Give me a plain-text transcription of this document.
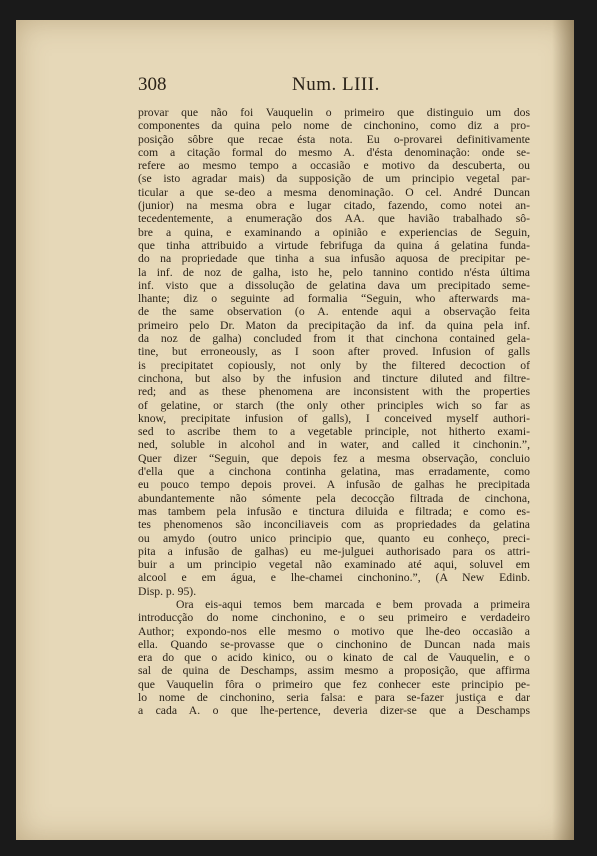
308	Num. LIII.
provar que não foi Vauquelin o primeiro que distinguio um dos
componentes da quina pelo nome de cinchonino, como diz a pro-
posição sôbre que recae ésta nota. Eu o-provarei definitivamente
com a citação formal do mesmo A. d'ésta denominação: onde se-
refere ao mesmo tempo a occasião e motivo da descuberta, ou
(se isto agradar mais) da supposição de um principio vegetal par-
ticular a que se-deo a mesma denominação. O cel. André Duncan
(junior) na mesma obra e lugar citado, fazendo, como notei an-
tecedentemente, a enumeração dos AA. que havião trabalhado sô-
bre a quina, e examinando a opinião e experiencias de Seguin,
que tinha attribuido a virtude febrifuga da quina á gelatina funda-
do na propriedade que tinha a sua infusão aquosa de precipitar pe-
la inf. de noz de galha, isto he, pelo tannino contido n'ésta última
inf. visto que a dissolução de gelatina dava um precipitado seme-
lhante; diz o seguinte ad formalia “Seguin, who afterwards ma-
de the same observation (o A. entende aqui a observação feita
primeiro pelo Dr. Maton da precipitação da inf. da quina pela inf.
da noz de galha) concluded from it that cinchona contained gela-
tine, but erroneously, as I soon after proved. Infusion of galls
is precipitatet copiously, not only by the filtered decoction of
cinchona, but also by the infusion and tincture diluted and filtre-
red; and as these phenomena are inconsistent with the properties
of gelatine, or starch (the only other principles wich so far as
know, precipitate infusion of galls), I conceived myself authori-
sed to ascribe them to a vegetable principle, not hitherto exami-
ned, soluble in alcohol and in water, and called it cinchonin.”,
Quer dizer “Seguin, que depois fez a mesma observação, concluio
d'ella que a cinchona continha gelatina, mas erradamente, como
eu pouco tempo depois provei. A infusão de galhas he precipitada
abundantemente não sómente pela decocção filtrada de cinchona,
mas tambem pela infusão e tinctura diluida e filtrada; e como es-
tes phenomenos são inconciliaveis com as propriedades da gelatina
ou amydo (outro unico principio que, quanto eu conheço, preci-
pita a infusão de galhas) eu me-julguei authorisado para os attri-
buir a um principio vegetal não examinado até aqui, soluvel em
alcool e em água, e lhe-chamei cinchonino.”, (A New Edinb.
Disp. p. 95).
Ora eis-aqui temos bem marcada e bem provada a primeira
introducção do nome cinchonino, e o seu primeiro e verdadeiro
Author; expondo-nos elle mesmo o motivo que lhe-deo occasião a
ella. Quando se-provasse que o cinchonino de Duncan nada mais
era do que o acido kinico, ou o kinato de cal de Vauquelin, e o
sal de quina de Deschamps, assim mesmo a proposição, que affirma
que Vauquelin fôra o primeiro que fez conhecer este principio pe-
lo nome de cinchonino, seria falsa: e para se-fazer justiça e dar
a cada A. o que lhe-pertence, deveria dizer-se que a Deschamps
